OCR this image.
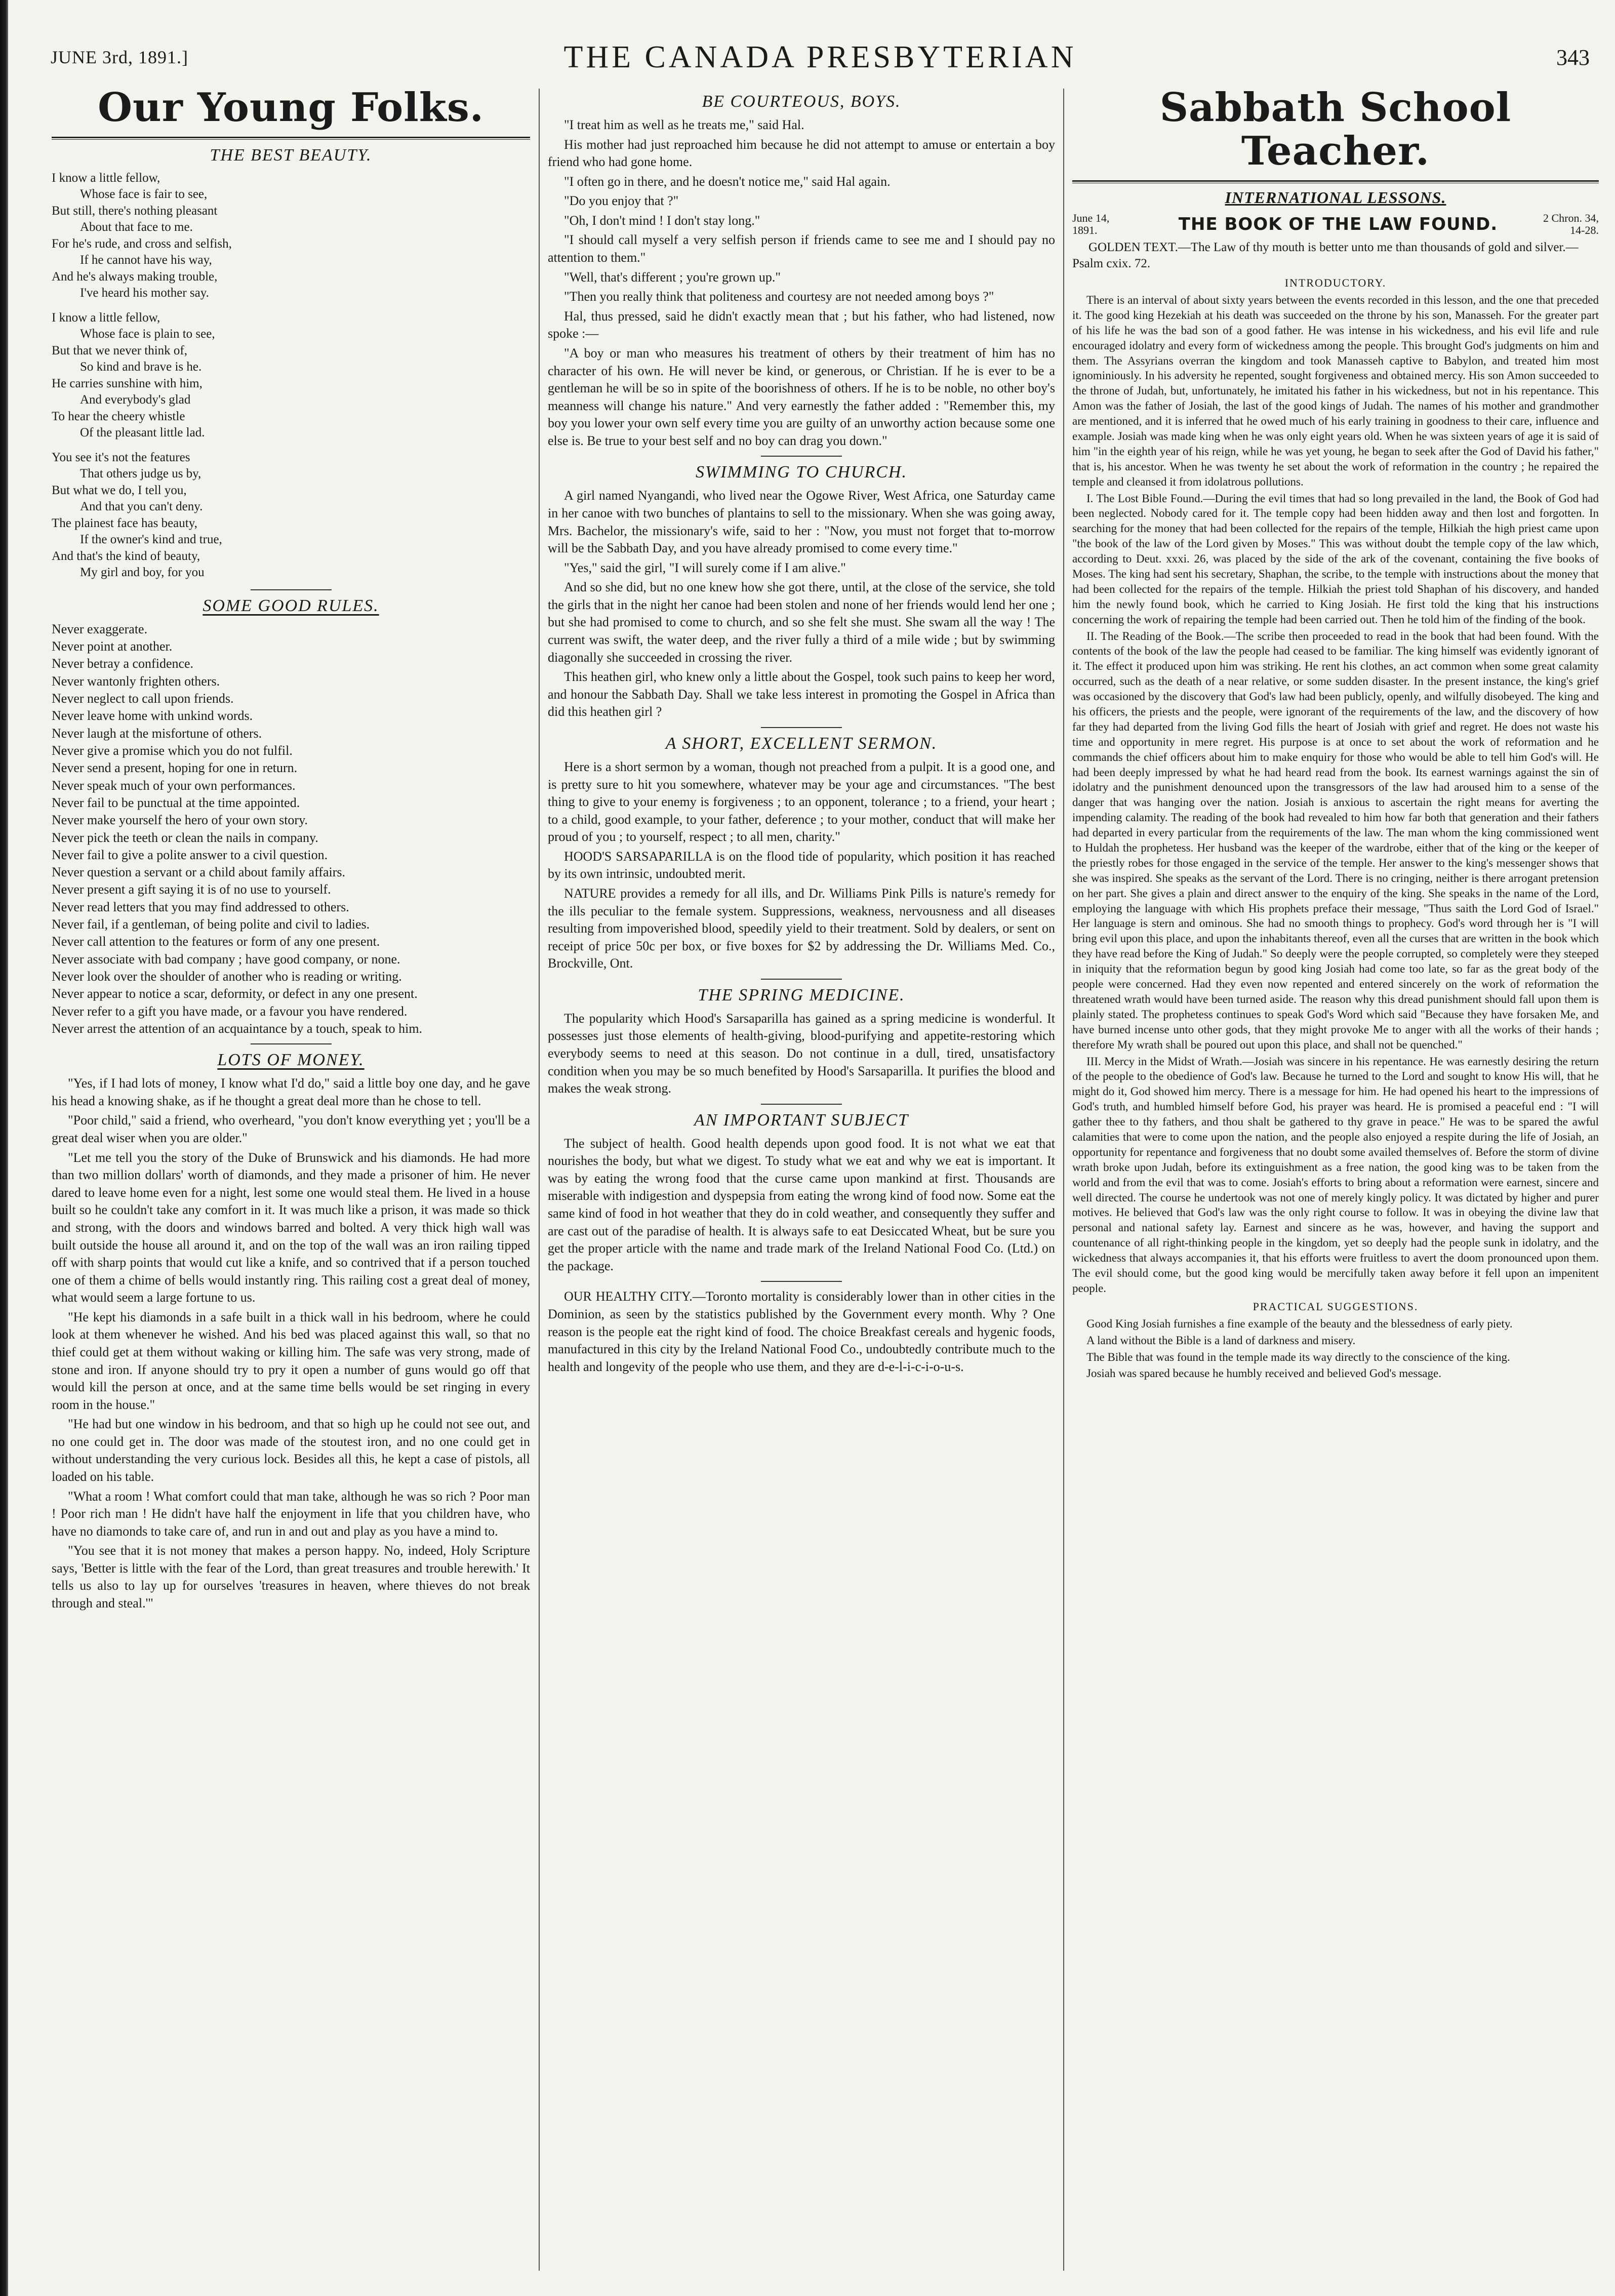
JUNE 3rd, 1891.]	THE CANADA PRESBYTERIAN	343
Our Young Folks.
THE BEST BEAUTY.

I know a little fellow,

Whose face is fair to see,

But still, there's nothing pleasant

About that face to me.

For he's rude, and cross and selfish,

If he cannot have his way,

And he's always making trouble,

I've heard his mother say.

I know a little fellow,

Whose face is plain to see,

But that we never think of,

So kind and brave is he.

He carries sunshine with him,

And everybody's glad

To hear the cheery whistle

Of the pleasant little lad.

You see it's not the features

That others judge us by,

But what we do, I tell you,

And that you can't deny.

The plainest face has beauty,

If the owner's kind and true,

And that's the kind of beauty,

My girl and boy, for you

SOME GOOD RULES.

Never exaggerate.

Never point at another.

Never betray a confidence.

Never wantonly frighten others.

Never neglect to call upon friends.

Never leave home with unkind words.

Never laugh at the misfortune of others.

Never give a promise which you do not fulfil.

Never send a present, hoping for one in return.

Never speak much of your own performances.

Never fail to be punctual at the time appointed.

Never make yourself the hero of your own story.

Never pick the teeth or clean the nails in company.

Never fail to give a polite answer to a civil question.

Never question a servant or a child about family affairs.

Never present a gift saying it is of no use to yourself.

Never read letters that you may find addressed to others.

Never fail, if a gentleman, of being polite and civil to ladies.

Never call attention to the features or form of any one present.

Never associate with bad company ; have good company, or none.

Never look over the shoulder of another who is reading or writing.

Never appear to notice a scar, deformity, or defect in any one present.

Never refer to a gift you have made, or a favour you have rendered.

Never arrest the attention of an acquaintance by a touch, speak to him.

LOTS OF MONEY.

"Yes, if I had lots of money, I know what I'd do," said a little boy one day, and he gave his head a knowing shake, as if he thought a great deal more than he chose to tell.

"Poor child," said a friend, who overheard, "you don't know everything yet ; you'll be a great deal wiser when you are older."

"Let me tell you the story of the Duke of Brunswick and his diamonds. He had more than two million dollars' worth of diamonds, and they made a prisoner of him. He never dared to leave home even for a night, lest some one would steal them. He lived in a house built so he couldn't take any comfort in it. It was much like a prison, it was made so thick and strong, with the doors and windows barred and bolted. A very thick high wall was built outside the house all around it, and on the top of the wall was an iron railing tipped off with sharp points that would cut like a knife, and so contrived that if a person touched one of them a chime of bells would instantly ring. This railing cost a great deal of money, what would seem a large fortune to us.

"He kept his diamonds in a safe built in a thick wall in his bedroom, where he could look at them whenever he wished. And his bed was placed against this wall, so that no thief could get at them without waking or killing him. The safe was very strong, made of stone and iron. If anyone should try to pry it open a number of guns would go off that would kill the person at once, and at the same time bells would be set ringing in every room in the house."

"He had but one window in his bedroom, and that so high up he could not see out, and no one could get in. The door was made of the stoutest iron, and no one could get in without understanding the very curious lock. Besides all this, he kept a case of pistols, all loaded on his table.

"What a room ! What comfort could that man take, although he was so rich ? Poor man ! Poor rich man ! He didn't have half the enjoyment in life that you children have, who have no diamonds to take care of, and run in and out and play as you have a mind to.

"You see that it is not money that makes a person happy. No, indeed, Holy Scripture says, 'Better is little with the fear of the Lord, than great treasures and trouble herewith.' It tells us also to lay up for ourselves 'treasures in heaven, where thieves do not break through and steal.'"

BE COURTEOUS, BOYS.

"I treat him as well as he treats me," said Hal.

His mother had just reproached him because he did not attempt to amuse or entertain a boy friend who had gone home.

"I often go in there, and he doesn't notice me," said Hal again.

"Do you enjoy that ?"

"Oh, I don't mind ! I don't stay long."

"I should call myself a very selfish person if friends came to see me and I should pay no attention to them."

"Well, that's different ; you're grown up."

"Then you really think that politeness and courtesy are not needed among boys ?"

Hal, thus pressed, said he didn't exactly mean that ; but his father, who had listened, now spoke :—

"A boy or man who measures his treatment of others by their treatment of him has no character of his own. He will never be kind, or generous, or Christian. If he is ever to be a gentleman he will be so in spite of the boorishness of others. If he is to be noble, no other boy's meanness will change his nature." And very earnestly the father added : "Remember this, my boy you lower your own self every time you are guilty of an unworthy action because some one else is. Be true to your best self and no boy can drag you down."

SWIMMING TO CHURCH.

A girl named Nyangandi, who lived near the Ogowe River, West Africa, one Saturday came in her canoe with two bunches of plantains to sell to the missionary. When she was going away, Mrs. Bachelor, the missionary's wife, said to her : "Now, you must not forget that to-morrow will be the Sabbath Day, and you have already promised to come every time."

"Yes," said the girl, "I will surely come if I am alive."

And so she did, but no one knew how she got there, until, at the close of the service, she told the girls that in the night her canoe had been stolen and none of her friends would lend her one ; but she had promised to come to church, and so she felt she must. She swam all the way ! The current was swift, the water deep, and the river fully a third of a mile wide ; but by swimming diagonally she succeeded in crossing the river.

This heathen girl, who knew only a little about the Gospel, took such pains to keep her word, and honour the Sabbath Day. Shall we take less interest in promoting the Gospel in Africa than did this heathen girl ?

A SHORT, EXCELLENT SERMON.

Here is a short sermon by a woman, though not preached from a pulpit. It is a good one, and is pretty sure to hit you somewhere, whatever may be your age and circumstances. "The best thing to give to your enemy is forgiveness ; to an opponent, tolerance ; to a friend, your heart ; to a child, good example, to your father, deference ; to your mother, conduct that will make her proud of you ; to yourself, respect ; to all men, charity."

HOOD'S SARSAPARILLA is on the flood tide of popularity, which position it has reached by its own intrinsic, undoubted merit.

NATURE provides a remedy for all ills, and Dr. Williams Pink Pills is nature's remedy for the ills peculiar to the female system. Suppressions, weakness, nervousness and all diseases resulting from impoverished blood, speedily yield to their treatment. Sold by dealers, or sent on receipt of price 50c per box, or five boxes for $2 by addressing the Dr. Williams Med. Co., Brockville, Ont.

THE SPRING MEDICINE.

The popularity which Hood's Sarsaparilla has gained as a spring medicine is wonderful. It possesses just those elements of health-giving, blood-purifying and appetite-restoring which everybody seems to need at this season. Do not continue in a dull, tired, unsatisfactory condition when you may be so much benefited by Hood's Sarsaparilla. It purifies the blood and makes the weak strong.

AN IMPORTANT SUBJECT

The subject of health. Good health depends upon good food. It is not what we eat that nourishes the body, but what we digest. To study what we eat and why we eat is important. It was by eating the wrong food that the curse came upon mankind at first. Thousands are miserable with indigestion and dyspepsia from eating the wrong kind of food now. Some eat the same kind of food in hot weather that they do in cold weather, and consequently they suffer and are cast out of the paradise of health. It is always safe to eat Desiccated Wheat, but be sure you get the proper article with the name and trade mark of the Ireland National Food Co. (Ltd.) on the package.

OUR HEALTHY CITY.—Toronto mortality is considerably lower than in other cities in the Dominion, as seen by the statistics published by the Government every month. Why ? One reason is the people eat the right kind of food. The choice Breakfast cereals and hygenic foods, manufactured in this city by the Ireland National Food Co., undoubtedly contribute much to the health and longevity of the people who use them, and they are d-e-l-i-c-i-o-u-s.

Sabbath School Teacher.
INTERNATIONAL LESSONS.
June 14, 1891.	THE BOOK OF THE LAW FOUND.	2 Chron. 34, 14-28.

GOLDEN TEXT.—The Law of thy mouth is better unto me than thousands of gold and silver.—Psalm cxix. 72.

INTRODUCTORY.

There is an interval of about sixty years between the events recorded in this lesson, and the one that preceded it. The good king Hezekiah at his death was succeeded on the throne by his son, Manasseh. For the greater part of his life he was the bad son of a good father. He was intense in his wickedness, and his evil life and rule encouraged idolatry and every form of wickedness among the people. This brought God's judgments on him and them. The Assyrians overran the kingdom and took Manasseh captive to Babylon, and treated him most ignominiously. In his adversity he repented, sought forgiveness and obtained mercy. His son Amon succeeded to the throne of Judah, but, unfortunately, he imitated his father in his wickedness, but not in his repentance. This Amon was the father of Josiah, the last of the good kings of Judah. The names of his mother and grandmother are mentioned, and it is inferred that he owed much of his early training in goodness to their care, influence and example. Josiah was made king when he was only eight years old. When he was sixteen years of age it is said of him "in the eighth year of his reign, while he was yet young, he began to seek after the God of David his father," that is, his ancestor. When he was twenty he set about the work of reformation in the country ; he repaired the temple and cleansed it from idolatrous pollutions.

I. The Lost Bible Found.—During the evil times that had so long prevailed in the land, the Book of God had been neglected. Nobody cared for it. The temple copy had been hidden away and then lost and forgotten. In searching for the money that had been collected for the repairs of the temple, Hilkiah the high priest came upon "the book of the law of the Lord given by Moses." This was without doubt the temple copy of the law which, according to Deut. xxxi. 26, was placed by the side of the ark of the covenant, containing the five books of Moses. The king had sent his secretary, Shaphan, the scribe, to the temple with instructions about the money that had been collected for the repairs of the temple. Hilkiah the priest told Shaphan of his discovery, and handed him the newly found book, which he carried to King Josiah. He first told the king that his instructions concerning the work of repairing the temple had been carried out. Then he told him of the finding of the book.

II. The Reading of the Book.—The scribe then proceeded to read in the book that had been found. With the contents of the book of the law the people had ceased to be familiar. The king himself was evidently ignorant of it. The effect it produced upon him was striking. He rent his clothes, an act common when some great calamity occurred, such as the death of a near relative, or some sudden disaster. In the present instance, the king's grief was occasioned by the discovery that God's law had been publicly, openly, and wilfully disobeyed. The king and his officers, the priests and the people, were ignorant of the requirements of the law, and the discovery of how far they had departed from the living God fills the heart of Josiah with grief and regret. He does not waste his time and opportunity in mere regret. His purpose is at once to set about the work of reformation and he commands the chief officers about him to make enquiry for those who would be able to tell him God's will. He had been deeply impressed by what he had heard read from the book. Its earnest warnings against the sin of idolatry and the punishment denounced upon the transgressors of the law had aroused him to a sense of the danger that was hanging over the nation. Josiah is anxious to ascertain the right means for averting the impending calamity. The reading of the book had revealed to him how far both that generation and their fathers had departed in every particular from the requirements of the law. The man whom the king commissioned went to Huldah the prophetess. Her husband was the keeper of the wardrobe, either that of the king or the keeper of the priestly robes for those engaged in the service of the temple. Her answer to the king's messenger shows that she was inspired. She speaks as the servant of the Lord. There is no cringing, neither is there arrogant pretension on her part. She gives a plain and direct answer to the enquiry of the king. She speaks in the name of the Lord, employing the language with which His prophets preface their message, "Thus saith the Lord God of Israel." Her language is stern and ominous. She had no smooth things to prophecy. God's word through her is "I will bring evil upon this place, and upon the inhabitants thereof, even all the curses that are written in the book which they have read before the King of Judah." So deeply were the people corrupted, so completely were they steeped in iniquity that the reformation begun by good king Josiah had come too late, so far as the great body of the people were concerned. Had they even now repented and entered sincerely on the work of reformation the threatened wrath would have been turned aside. The reason why this dread punishment should fall upon them is plainly stated. The prophetess continues to speak God's Word which said "Because they have forsaken Me, and have burned incense unto other gods, that they might provoke Me to anger with all the works of their hands ; therefore My wrath shall be poured out upon this place, and shall not be quenched."

III. Mercy in the Midst of Wrath.—Josiah was sincere in his repentance. He was earnestly desiring the return of the people to the obedience of God's law. Because he turned to the Lord and sought to know His will, that he might do it, God showed him mercy. There is a message for him. He had opened his heart to the impressions of God's truth, and humbled himself before God, his prayer was heard. He is promised a peaceful end : "I will gather thee to thy fathers, and thou shalt be gathered to thy grave in peace." He was to be spared the awful calamities that were to come upon the nation, and the people also enjoyed a respite during the life of Josiah, an opportunity for repentance and forgiveness that no doubt some availed themselves of. Before the storm of divine wrath broke upon Judah, before its extinguishment as a free nation, the good king was to be taken from the world and from the evil that was to come. Josiah's efforts to bring about a reformation were earnest, sincere and well directed. The course he undertook was not one of merely kingly policy. It was dictated by higher and purer motives. He believed that God's law was the only right course to follow. It was in obeying the divine law that personal and national safety lay. Earnest and sincere as he was, however, and having the support and countenance of all right-thinking people in the kingdom, yet so deeply had the people sunk in idolatry, and the wickedness that always accompanies it, that his efforts were fruitless to avert the doom pronounced upon them. The evil should come, but the good king would be mercifully taken away before it fell upon an impenitent people.

PRACTICAL SUGGESTIONS.

Good King Josiah furnishes a fine example of the beauty and the blessedness of early piety.

A land without the Bible is a land of darkness and misery.

The Bible that was found in the temple made its way directly to the conscience of the king.

Josiah was spared because he humbly received and believed God's message.
